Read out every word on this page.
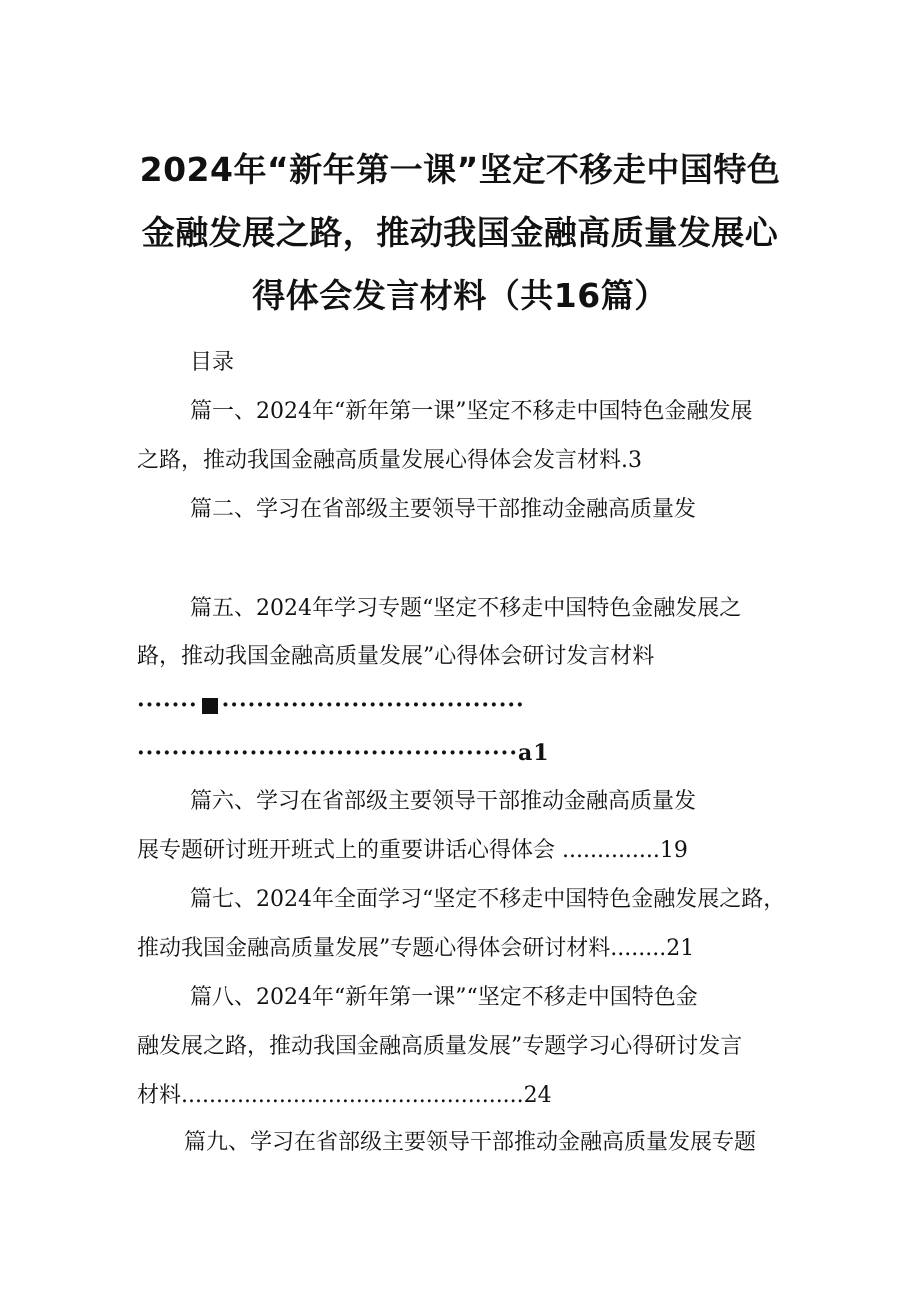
2024年“新年第一课”坚定不移走中国特色
金融发展之路，推动我国金融高质量发展心
得体会发言材料（共16篇）
目录
篇一、2024年“新年第一课”坚定不移走中国特色金融发展
之路，推动我国金融高质量发展心得体会发言材料.3
篇二、学习在省部级主要领导干部推动金融高质量发
篇五、2024年学习专题“坚定不移走中国特色金融发展之
路，推动我国金融高质量发展”心得体会研讨发言材料
······· ···································
············································a1
篇六、学习在省部级主要领导干部推动金融高质量发
展专题研讨班开班式上的重要讲话心得体会 ..............19
篇七、2024年全面学习“坚定不移走中国特色金融发展之路，
推动我国金融高质量发展”专题心得体会研讨材料........21
篇八、2024年“新年第一课”“坚定不移走中国特色金
融发展之路，推动我国金融高质量发展”专题学习心得研讨发言
材料.................................................24
篇九、学习在省部级主要领导干部推动金融高质量发展专题
